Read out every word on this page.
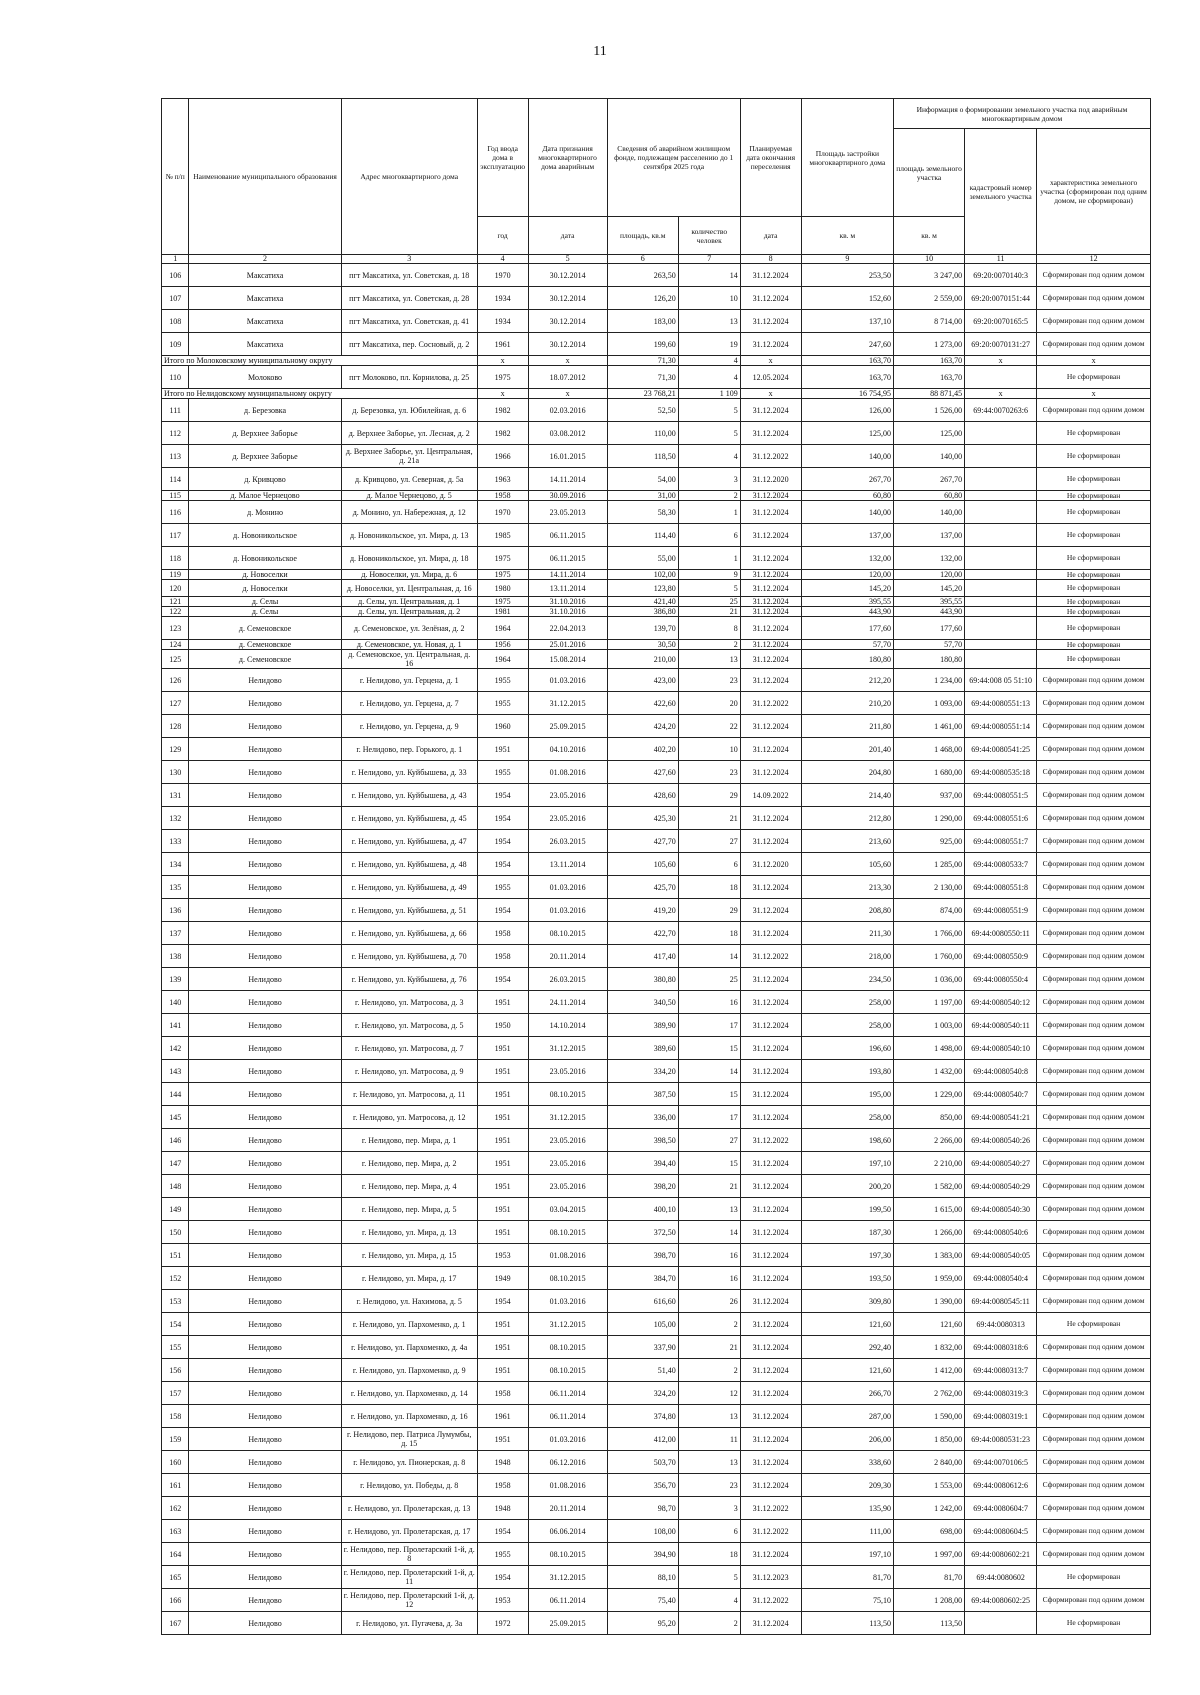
11
№ п/п	Наименование муниципального образования	Адрес многоквартирного дома	Год ввода дома в эксплуатацию	Дата признания многоквартирного дома аварийным	Сведения об аварийном жилищном фонде, подлежащем расселению до 1 сентября 2025 года		Планируемая дата окончания переселения	Площадь застройки многоквартирного дома	Информация о формировании земельного участка под аварийным многоквартирным домом		
									площадь земельного участка	кадастровый номер земельного участка	характеристика земельного участка (сформирован под одним домом, не сформирован)
			год	дата	площадь, кв.м	количество человек	дата	кв. м	кв. м		
1	2	3	4	5	6	7	8	9	10	11	12
106	Максатиха	пгт Максатиха, ул. Советская, д. 18	1970	30.12.2014	263,50	14	31.12.2024	253,50	3 247,00	69:20:0070140:3	Сформирован под одним домом
107	Максатиха	пгт Максатиха, ул. Советская, д. 28	1934	30.12.2014	126,20	10	31.12.2024	152,60	2 559,00	69:20:0070151:44	Сформирован под одним домом
108	Максатиха	пгт Максатиха, ул. Советская, д. 41	1934	30.12.2014	183,00	13	31.12.2024	137,10	8 714,00	69:20:0070165:5	Сформирован под одним домом
109	Максатиха	пгт Максатиха, пер. Сосновый, д. 2	1961	30.12.2014	199,60	19	31.12.2024	247,60	1 273,00	69:20:0070131:27	Сформирован под одним домом
Итого по Молоковскому муниципальному округу			x	x	71,30	4	x	163,70	163,70	x	x
110	Молоково	пгт Молоково, пл. Корнилова, д. 25	1975	18.07.2012	71,30	4	12.05.2024	163,70	163,70		Не сформирован
Итого по Нелидовскому муниципальному округу			x	x	23 768,21	1 109	x	16 754,95	88 871,45	x	x
111	д. Березовка	д. Березовка, ул. Юбилейная, д. 6	1982	02.03.2016	52,50	5	31.12.2024	126,00	1 526,00	69:44:0070263:6	Сформирован под одним домом
112	д. Верхнее Заборье	д. Верхнее Заборье, ул. Лесная, д. 2	1982	03.08.2012	110,00	5	31.12.2024	125,00	125,00		Не сформирован
113	д. Верхнее Заборье	д. Верхнее Заборье, ул. Центральная, д. 21а	1966	16.01.2015	118,50	4	31.12.2022	140,00	140,00		Не сформирован
114	д. Кривцово	д. Кривцово, ул. Северная, д. 5а	1963	14.11.2014	54,00	3	31.12.2020	267,70	267,70		Не сформирован
115	д. Малое Чернецово	д. Малое Чернецово, д. 5	1958	30.09.2016	31,00	2	31.12.2024	60,80	60,80		Не сформирован
116	д. Монино	д. Монино, ул. Набережная, д. 12	1970	23.05.2013	58,30	1	31.12.2024	140,00	140,00		Не сформирован
117	д. Новоникольское	д. Новоникольское, ул. Мира, д. 13	1985	06.11.2015	114,40	6	31.12.2024	137,00	137,00		Не сформирован
118	д. Новоникольское	д. Новоникольское, ул. Мира, д. 18	1975	06.11.2015	55,00	1	31.12.2024	132,00	132,00		Не сформирован
119	д. Новоселки	д. Новоселки, ул. Мира, д. 6	1975	14.11.2014	102,00	9	31.12.2024	120,00	120,00		Не сформирован
120	д. Новоселки	д. Новоселки, ул. Центральная, д. 16	1980	13.11.2014	123,80	5	31.12.2024	145,20	145,20		Не сформирован
121	д. Селы	д. Селы, ул. Центральная, д. 1	1975	31.10.2016	421,40	25	31.12.2024	395,55	395,55		Не сформирован
122	д. Селы	д. Селы, ул. Центральная, д. 2	1981	31.10.2016	386,80	21	31.12.2024	443,90	443,90		Не сформирован
123	д. Семеновское	д. Семеновское, ул. Зелёная, д. 2	1964	22.04.2013	139,70	8	31.12.2024	177,60	177,60		Не сформирован
124	д. Семеновское	д. Семеновское, ул. Новая, д. 1	1956	25.01.2016	30,50	2	31.12.2024	57,70	57,70		Не сформирован
125	д. Семеновское	д. Семеновское, ул. Центральная, д. 16	1964	15.08.2014	210,00	13	31.12.2024	180,80	180,80		Не сформирован
126	Нелидово	г. Нелидово, ул. Герцена, д. 1	1955	01.03.2016	423,00	23	31.12.2024	212,20	1 234,00	69:44:008 05 51:10	Сформирован под одним домом
127	Нелидово	г. Нелидово, ул. Герцена, д. 7	1955	31.12.2015	422,60	20	31.12.2022	210,20	1 093,00	69:44:0080551:13	Сформирован под одним домом
128	Нелидово	г. Нелидово, ул. Герцена, д. 9	1960	25.09.2015	424,20	22	31.12.2024	211,80	1 461,00	69:44:0080551:14	Сформирован под одним домом
129	Нелидово	г. Нелидово, пер. Горького, д. 1	1951	04.10.2016	402,20	10	31.12.2024	201,40	1 468,00	69:44:0080541:25	Сформирован под одним домом
130	Нелидово	г. Нелидово, ул. Куйбышева, д. 33	1955	01.08.2016	427,60	23	31.12.2024	204,80	1 680,00	69:44:0080535:18	Сформирован под одним домом
131	Нелидово	г. Нелидово, ул. Куйбышева, д. 43	1954	23.05.2016	428,60	29	14.09.2022	214,40	937,00	69:44:0080551:5	Сформирован под одним домом
132	Нелидово	г. Нелидово, ул. Куйбышева, д. 45	1954	23.05.2016	425,30	21	31.12.2024	212,80	1 290,00	69:44:0080551:6	Сформирован под одним домом
133	Нелидово	г. Нелидово, ул. Куйбышева, д. 47	1954	26.03.2015	427,70	27	31.12.2024	213,60	925,00	69:44:0080551:7	Сформирован под одним домом
134	Нелидово	г. Нелидово, ул. Куйбышева, д. 48	1954	13.11.2014	105,60	6	31.12.2020	105,60	1 285,00	69:44:0080533:7	Сформирован под одним домом
135	Нелидово	г. Нелидово, ул. Куйбышева, д. 49	1955	01.03.2016	425,70	18	31.12.2024	213,30	2 130,00	69:44:0080551:8	Сформирован под одним домом
136	Нелидово	г. Нелидово, ул. Куйбышева, д. 51	1954	01.03.2016	419,20	29	31.12.2024	208,80	874,00	69:44:0080551:9	Сформирован под одним домом
137	Нелидово	г. Нелидово, ул. Куйбышева, д. 66	1958	08.10.2015	422,70	18	31.12.2024	211,30	1 766,00	69:44:0080550:11	Сформирован под одним домом
138	Нелидово	г. Нелидово, ул. Куйбышева, д. 70	1958	20.11.2014	417,40	14	31.12.2022	218,00	1 760,00	69:44:0080550:9	Сформирован под одним домом
139	Нелидово	г. Нелидово, ул. Куйбышева, д. 76	1954	26.03.2015	380,80	25	31.12.2024	234,50	1 036,00	69:44:0080550:4	Сформирован под одним домом
140	Нелидово	г. Нелидово, ул. Матросова, д. 3	1951	24.11.2014	340,50	16	31.12.2024	258,00	1 197,00	69:44:0080540:12	Сформирован под одним домом
141	Нелидово	г. Нелидово, ул. Матросова, д. 5	1950	14.10.2014	389,90	17	31.12.2024	258,00	1 003,00	69:44:0080540:11	Сформирован под одним домом
142	Нелидово	г. Нелидово, ул. Матросова, д. 7	1951	31.12.2015	389,60	15	31.12.2024	196,60	1 498,00	69:44:0080540:10	Сформирован под одним домом
143	Нелидово	г. Нелидово, ул. Матросова, д. 9	1951	23.05.2016	334,20	14	31.12.2024	193,80	1 432,00	69:44:0080540:8	Сформирован под одним домом
144	Нелидово	г. Нелидово, ул. Матросова, д. 11	1951	08.10.2015	387,50	15	31.12.2024	195,00	1 229,00	69:44:0080540:7	Сформирован под одним домом
145	Нелидово	г. Нелидово, ул. Матросова, д. 12	1951	31.12.2015	336,00	17	31.12.2024	258,00	850,00	69:44:0080541:21	Сформирован под одним домом
146	Нелидово	г. Нелидово, пер. Мира, д. 1	1951	23.05.2016	398,50	27	31.12.2022	198,60	2 266,00	69:44:0080540:26	Сформирован под одним домом
147	Нелидово	г. Нелидово, пер. Мира, д. 2	1951	23.05.2016	394,40	15	31.12.2024	197,10	2 210,00	69:44:0080540:27	Сформирован под одним домом
148	Нелидово	г. Нелидово, пер. Мира, д. 4	1951	23.05.2016	398,20	21	31.12.2024	200,20	1 582,00	69:44:0080540:29	Сформирован под одним домом
149	Нелидово	г. Нелидово, пер. Мира, д. 5	1951	03.04.2015	400,10	13	31.12.2024	199,50	1 615,00	69:44:0080540:30	Сформирован под одним домом
150	Нелидово	г. Нелидово, ул. Мира, д. 13	1951	08.10.2015	372,50	14	31.12.2024	187,30	1 266,00	69:44:0080540:6	Сформирован под одним домом
151	Нелидово	г. Нелидово, ул. Мира, д. 15	1953	01.08.2016	398,70	16	31.12.2024	197,30	1 383,00	69:44:0080540:05	Сформирован под одним домом
152	Нелидово	г. Нелидово, ул. Мира, д. 17	1949	08.10.2015	384,70	16	31.12.2024	193,50	1 959,00	69:44:0080540:4	Сформирован под одним домом
153	Нелидово	г. Нелидово, ул. Нахимова, д. 5	1954	01.03.2016	616,60	26	31.12.2024	309,80	1 390,00	69:44:0080545:11	Сформирован под одним домом
154	Нелидово	г. Нелидово, ул. Пархоменко, д. 1	1951	31.12.2015	105,00	2	31.12.2024	121,60	121,60	69:44:0080313	Не сформирован
155	Нелидово	г. Нелидово, ул. Пархоменко, д. 4а	1951	08.10.2015	337,90	21	31.12.2024	292,40	1 832,00	69:44:0080318:6	Сформирован под одним домом
156	Нелидово	г. Нелидово, ул. Пархоменко, д. 9	1951	08.10.2015	51,40	2	31.12.2024	121,60	1 412,00	69:44:0080313:7	Сформирован под одним домом
157	Нелидово	г. Нелидово, ул. Пархоменко, д. 14	1958	06.11.2014	324,20	12	31.12.2024	266,70	2 762,00	69:44:0080319:3	Сформирован под одним домом
158	Нелидово	г. Нелидово, ул. Пархоменко, д. 16	1961	06.11.2014	374,80	13	31.12.2024	287,00	1 590,00	69:44:0080319:1	Сформирован под одним домом
159	Нелидово	г. Нелидово, пер. Патриса Лумумбы, д. 15	1951	01.03.2016	412,00	11	31.12.2024	206,00	1 850,00	69:44:0080531:23	Сформирован под одним домом
160	Нелидово	г. Нелидово, ул. Пионерская, д. 8	1948	06.12.2016	503,70	13	31.12.2024	338,60	2 840,00	69:44:0070106:5	Сформирован под одним домом
161	Нелидово	г. Нелидово, ул. Победы, д. 8	1958	01.08.2016	356,70	23	31.12.2024	209,30	1 553,00	69:44:0080612:6	Сформирован под одним домом
162	Нелидово	г. Нелидово, ул. Пролетарская, д. 13	1948	20.11.2014	98,70	3	31.12.2022	135,90	1 242,00	69:44:0080604:7	Сформирован под одним домом
163	Нелидово	г. Нелидово, ул. Пролетарская, д. 17	1954	06.06.2014	108,00	6	31.12.2022	111,00	698,00	69:44:0080604:5	Сформирован под одним домом
164	Нелидово	г. Нелидово, пер. Пролетарский 1-й, д. 8	1955	08.10.2015	394,90	18	31.12.2024	197,10	1 997,00	69:44:0080602:21	Сформирован под одним домом
165	Нелидово	г. Нелидово, пер. Пролетарский 1-й, д. 11	1954	31.12.2015	88,10	5	31.12.2023	81,70	81,70	69:44:0080602	Не сформирован
166	Нелидово	г. Нелидово, пер. Пролетарский 1-й, д. 12	1953	06.11.2014	75,40	4	31.12.2022	75,10	1 208,00	69:44:0080602:25	Сформирован под одним домом
167	Нелидово	г. Нелидово, ул. Пугачева, д. 3а	1972	25.09.2015	95,20	2	31.12.2024	113,50	113,50		Не сформирован
